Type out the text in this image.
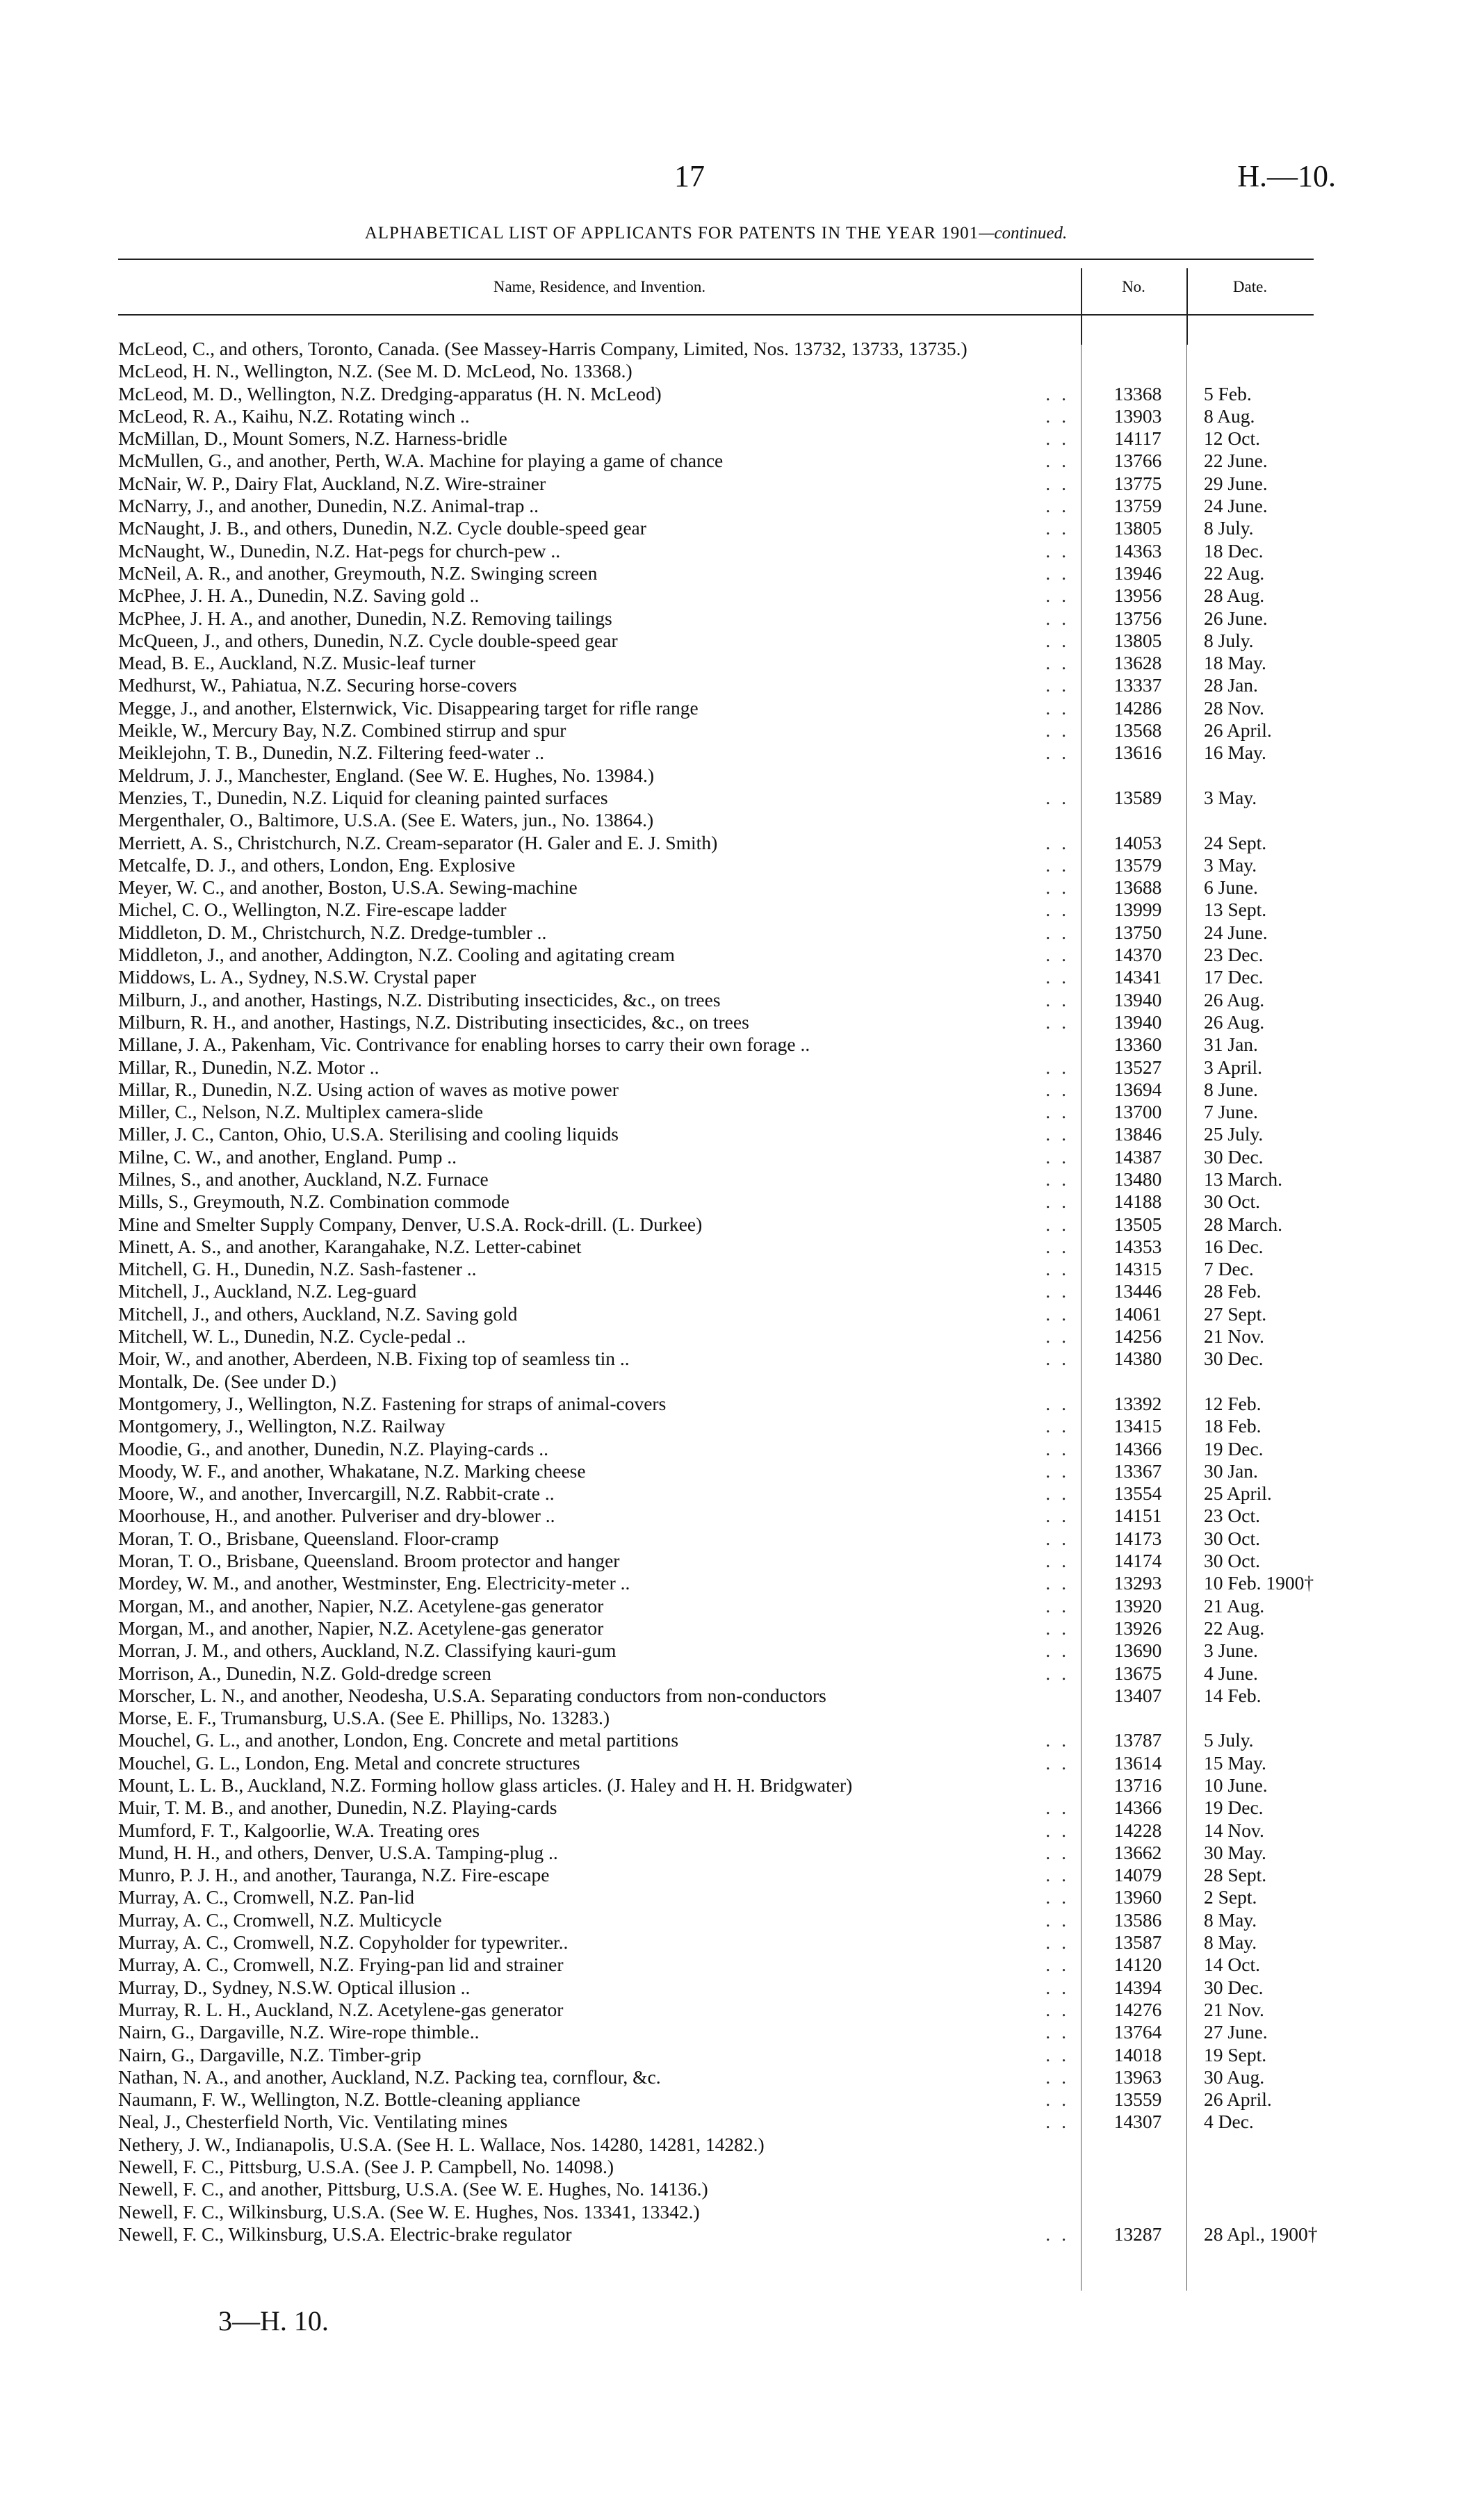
17	H.—10.
ALPHABETICAL LIST OF APPLICANTS FOR PATENTS IN THE YEAR 1901—continued.
Name, Residence, and Invention.	No.	Date.
McLeod, C., and others, Toronto, Canada. (See Massey-Harris Company, Limited, Nos. 13732, 13733, 13735.)
McLeod, H. N., Wellington, N.Z. (See M. D. McLeod, No. 13368.)
McLeod, M. D., Wellington, N.Z. Dredging-apparatus (H. N. McLeod)	..	13368	5 Feb.
McLeod, R. A., Kaihu, N.Z. Rotating winch ..	..	13903	8 Aug.
McMillan, D., Mount Somers, N.Z. Harness-bridle	..	14117	12 Oct.
McMullen, G., and another, Perth, W.A. Machine for playing a game of chance	..	13766	22 June.
McNair, W. P., Dairy Flat, Auckland, N.Z. Wire-strainer	..	13775	29 June.
McNarry, J., and another, Dunedin, N.Z. Animal-trap ..	..	13759	24 June.
McNaught, J. B., and others, Dunedin, N.Z. Cycle double-speed gear	..	13805	8 July.
McNaught, W., Dunedin, N.Z. Hat-pegs for church-pew ..	..	14363	18 Dec.
McNeil, A. R., and another, Greymouth, N.Z. Swinging screen	..	13946	22 Aug.
McPhee, J. H. A., Dunedin, N.Z. Saving gold ..	..	13956	28 Aug.
McPhee, J. H. A., and another, Dunedin, N.Z. Removing tailings	..	13756	26 June.
McQueen, J., and others, Dunedin, N.Z. Cycle double-speed gear	..	13805	8 July.
Mead, B. E., Auckland, N.Z. Music-leaf turner	..	13628	18 May.
Medhurst, W., Pahiatua, N.Z. Securing horse-covers	..	13337	28 Jan.
Megge, J., and another, Elsternwick, Vic. Disappearing target for rifle range	..	14286	28 Nov.
Meikle, W., Mercury Bay, N.Z. Combined stirrup and spur	..	13568	26 April.
Meiklejohn, T. B., Dunedin, N.Z. Filtering feed-water ..	..	13616	16 May.
Meldrum, J. J., Manchester, England. (See W. E. Hughes, No. 13984.)
Menzies, T., Dunedin, N.Z. Liquid for cleaning painted surfaces	..	13589	3 May.
Mergenthaler, O., Baltimore, U.S.A. (See E. Waters, jun., No. 13864.)
Merriett, A. S., Christchurch, N.Z. Cream-separator (H. Galer and E. J. Smith)	..	14053	24 Sept.
Metcalfe, D. J., and others, London, Eng. Explosive	..	13579	3 May.
Meyer, W. C., and another, Boston, U.S.A. Sewing-machine	..	13688	6 June.
Michel, C. O., Wellington, N.Z. Fire-escape ladder	..	13999	13 Sept.
Middleton, D. M., Christchurch, N.Z. Dredge-tumbler ..	..	13750	24 June.
Middleton, J., and another, Addington, N.Z. Cooling and agitating cream	..	14370	23 Dec.
Middows, L. A., Sydney, N.S.W. Crystal paper	..	14341	17 Dec.
Milburn, J., and another, Hastings, N.Z. Distributing insecticides, &c., on trees	..	13940	26 Aug.
Milburn, R. H., and another, Hastings, N.Z. Distributing insecticides, &c., on trees	..	13940	26 Aug.
Millane, J. A., Pakenham, Vic. Contrivance for enabling horses to carry their own forage ..	13360	31 Jan.
Millar, R., Dunedin, N.Z. Motor ..	..	13527	3 April.
Millar, R., Dunedin, N.Z. Using action of waves as motive power	..	13694	8 June.
Miller, C., Nelson, N.Z. Multiplex camera-slide	..	13700	7 June.
Miller, J. C., Canton, Ohio, U.S.A. Sterilising and cooling liquids	..	13846	25 July.
Milne, C. W., and another, England. Pump ..	..	14387	30 Dec.
Milnes, S., and another, Auckland, N.Z. Furnace	..	13480	13 March.
Mills, S., Greymouth, N.Z. Combination commode	..	14188	30 Oct.
Mine and Smelter Supply Company, Denver, U.S.A. Rock-drill. (L. Durkee)	..	13505	28 March.
Minett, A. S., and another, Karangahake, N.Z. Letter-cabinet	..	14353	16 Dec.
Mitchell, G. H., Dunedin, N.Z. Sash-fastener ..	..	14315	7 Dec.
Mitchell, J., Auckland, N.Z. Leg-guard	..	13446	28 Feb.
Mitchell, J., and others, Auckland, N.Z. Saving gold	..	14061	27 Sept.
Mitchell, W. L., Dunedin, N.Z. Cycle-pedal ..	..	14256	21 Nov.
Moir, W., and another, Aberdeen, N.B. Fixing top of seamless tin ..	..	14380	30 Dec.
Montalk, De. (See under D.)
Montgomery, J., Wellington, N.Z. Fastening for straps of animal-covers	..	13392	12 Feb.
Montgomery, J., Wellington, N.Z. Railway	..	13415	18 Feb.
Moodie, G., and another, Dunedin, N.Z. Playing-cards ..	..	14366	19 Dec.
Moody, W. F., and another, Whakatane, N.Z. Marking cheese	..	13367	30 Jan.
Moore, W., and another, Invercargill, N.Z. Rabbit-crate ..	..	13554	25 April.
Moorhouse, H., and another. Pulveriser and dry-blower ..	..	14151	23 Oct.
Moran, T. O., Brisbane, Queensland. Floor-cramp	..	14173	30 Oct.
Moran, T. O., Brisbane, Queensland. Broom protector and hanger	..	14174	30 Oct.
Mordey, W. M., and another, Westminster, Eng. Electricity-meter ..	..	13293	10 Feb. 1900†
Morgan, M., and another, Napier, N.Z. Acetylene-gas generator	..	13920	21 Aug.
Morgan, M., and another, Napier, N.Z. Acetylene-gas generator	..	13926	22 Aug.
Morran, J. M., and others, Auckland, N.Z. Classifying kauri-gum	..	13690	3 June.
Morrison, A., Dunedin, N.Z. Gold-dredge screen	..	13675	4 June.
Morscher, L. N., and another, Neodesha, U.S.A. Separating conductors from non-conductors	13407	14 Feb.
Morse, E. F., Trumansburg, U.S.A. (See E. Phillips, No. 13283.)
Mouchel, G. L., and another, London, Eng. Concrete and metal partitions	..	13787	5 July.
Mouchel, G. L., London, Eng. Metal and concrete structures	..	13614	15 May.
Mount, L. L. B., Auckland, N.Z. Forming hollow glass articles. (J. Haley and H. H. Bridgwater)	13716	10 June.
Muir, T. M. B., and another, Dunedin, N.Z. Playing-cards	..	14366	19 Dec.
Mumford, F. T., Kalgoorlie, W.A. Treating ores	..	14228	14 Nov.
Mund, H. H., and others, Denver, U.S.A. Tamping-plug ..	..	13662	30 May.
Munro, P. J. H., and another, Tauranga, N.Z. Fire-escape	..	14079	28 Sept.
Murray, A. C., Cromwell, N.Z. Pan-lid	..	13960	2 Sept.
Murray, A. C., Cromwell, N.Z. Multicycle	..	13586	8 May.
Murray, A. C., Cromwell, N.Z. Copyholder for typewriter..	..	13587	8 May.
Murray, A. C., Cromwell, N.Z. Frying-pan lid and strainer	..	14120	14 Oct.
Murray, D., Sydney, N.S.W. Optical illusion ..	..	14394	30 Dec.
Murray, R. L. H., Auckland, N.Z. Acetylene-gas generator	..	14276	21 Nov.
Nairn, G., Dargaville, N.Z. Wire-rope thimble..	..	13764	27 June.
Nairn, G., Dargaville, N.Z. Timber-grip	..	14018	19 Sept.
Nathan, N. A., and another, Auckland, N.Z. Packing tea, cornflour, &c.	..	13963	30 Aug.
Naumann, F. W., Wellington, N.Z. Bottle-cleaning appliance	..	13559	26 April.
Neal, J., Chesterfield North, Vic. Ventilating mines	..	14307	4 Dec.
Nethery, J. W., Indianapolis, U.S.A. (See H. L. Wallace, Nos. 14280, 14281, 14282.)
Newell, F. C., Pittsburg, U.S.A. (See J. P. Campbell, No. 14098.)
Newell, F. C., and another, Pittsburg, U.S.A. (See W. E. Hughes, No. 14136.)
Newell, F. C., Wilkinsburg, U.S.A. (See W. E. Hughes, Nos. 13341, 13342.)
Newell, F. C., Wilkinsburg, U.S.A. Electric-brake regulator	..	13287	28 Apl., 1900†
3—H. 10.
